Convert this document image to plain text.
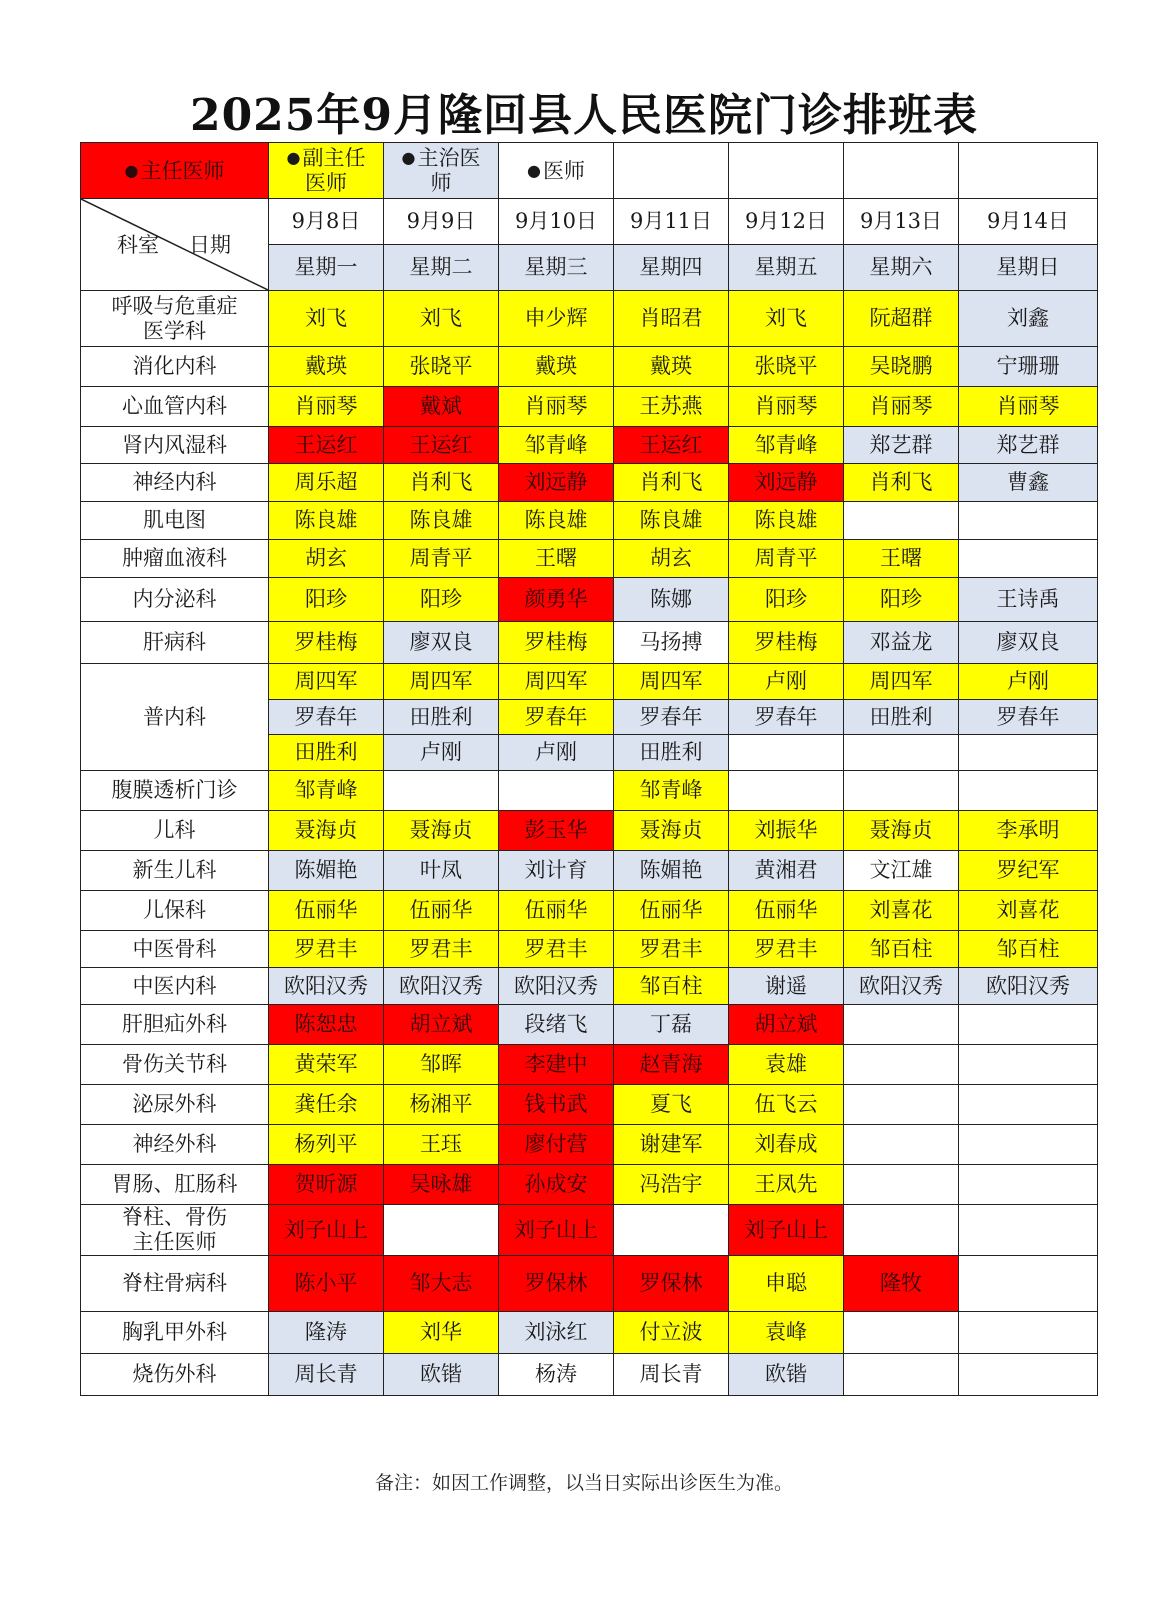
2025年9月隆回县人民医院门诊排班表
●主任医师	●副主任
医师	●主治医
师	●医师				

科室 日期	9月8日	9月9日	9月10日	9月11日	9月12日	9月13日	9月14日
	星期一	星期二	星期三	星期四	星期五	星期六	星期日
呼吸与危重症
医学科	刘飞	刘飞	申少辉	肖昭君	刘飞	阮超群	刘鑫
消化内科	戴瑛	张晓平	戴瑛	戴瑛	张晓平	吴晓鹏	宁珊珊
心血管内科	肖丽琴	戴斌	肖丽琴	王苏燕	肖丽琴	肖丽琴	肖丽琴
肾内风湿科	王运红	王运红	邹青峰	王运红	邹青峰	郑艺群	郑艺群
神经内科	周乐超	肖利飞	刘远静	肖利飞	刘远静	肖利飞	曹鑫
肌电图	陈良雄	陈良雄	陈良雄	陈良雄	陈良雄		
肿瘤血液科	胡玄	周青平	王曙	胡玄	周青平	王曙	
内分泌科	阳珍	阳珍	颜勇华	陈娜	阳珍	阳珍	王诗禹
肝病科	罗桂梅	廖双良	罗桂梅	马扬搏	罗桂梅	邓益龙	廖双良
普内科	周四军	周四军	周四军	周四军	卢刚	周四军	卢刚
	罗春年	田胜利	罗春年	罗春年	罗春年	田胜利	罗春年
	田胜利	卢刚	卢刚	田胜利			
腹膜透析门诊	邹青峰			邹青峰			
儿科	聂海贞	聂海贞	彭玉华	聂海贞	刘振华	聂海贞	李承明
新生儿科	陈媚艳	叶凤	刘计育	陈媚艳	黄湘君	文江雄	罗纪军
儿保科	伍丽华	伍丽华	伍丽华	伍丽华	伍丽华	刘喜花	刘喜花
中医骨科	罗君丰	罗君丰	罗君丰	罗君丰	罗君丰	邹百柱	邹百柱
中医内科	欧阳汉秀	欧阳汉秀	欧阳汉秀	邹百柱	谢遥	欧阳汉秀	欧阳汉秀
肝胆疝外科	陈恕忠	胡立斌	段绪飞	丁磊	胡立斌		
骨伤关节科	黄荣军	邹晖	李建中	赵青海	袁雄		
泌尿外科	龚任余	杨湘平	钱书武	夏飞	伍飞云		
神经外科	杨列平	王珏	廖付营	谢建军	刘春成		
胃肠、肛肠科	贺昕源	吴咏雄	孙成安	冯浩宇	王凤先		
脊柱、骨伤
主任医师	刘子山上		刘子山上		刘子山上		
脊柱骨病科	陈小平	邹大志	罗保林	罗保林	申聪	隆牧	
胸乳甲外科	隆涛	刘华	刘泳红	付立波	袁峰		
烧伤外科	周长青	欧锴	杨涛	周长青	欧锴		
备注：如因工作调整，以当日实际出诊医生为准。
